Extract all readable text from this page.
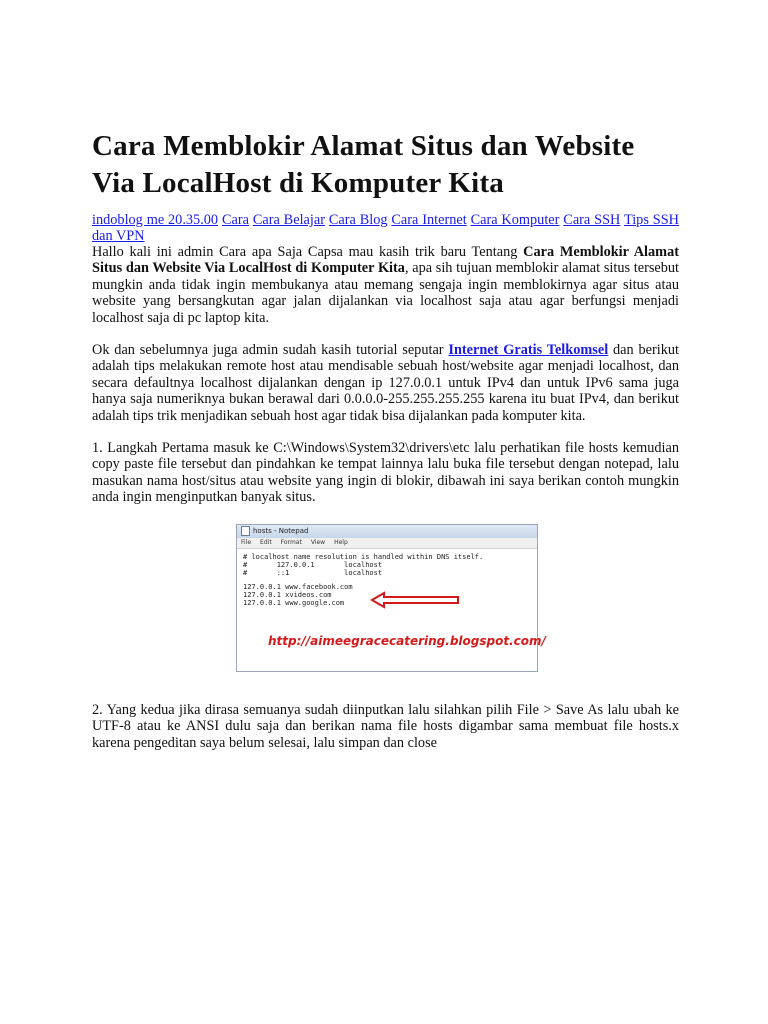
Cara Memblokir Alamat Situs dan Website
Via LocalHost di Komputer Kita
indoblog me 20.35.00 Cara Cara Belajar Cara Blog Cara Internet Cara Komputer Cara SSH Tips SSH dan VPN

Hallo kali ini admin Cara apa Saja Capsa mau kasih trik baru Tentang Cara Memblokir Alamat Situs dan Website Via LocalHost di Komputer Kita, apa sih tujuan memblokir alamat situs tersebut mungkin anda tidak ingin membukanya atau memang sengaja ingin memblokirnya agar situs atau website yang bersangkutan agar jalan dijalankan via localhost saja atau agar berfungsi menjadi localhost saja di pc laptop kita.

Ok dan sebelumnya juga admin sudah kasih tutorial seputar Internet Gratis Telkomsel dan berikut adalah tips melakukan remote host atau mendisable sebuah host/website agar menjadi localhost, dan secara defaultnya localhost dijalankan dengan ip 127.0.0.1 untuk IPv4 dan untuk IPv6 sama juga hanya saja numeriknya bukan berawal dari 0.0.0.0-255.255.255.255 karena itu buat IPv4, dan berikut adalah tips trik menjadikan sebuah host agar tidak bisa dijalankan pada komputer kita.

1. Langkah Pertama masuk ke C:\Windows\System32\drivers\etc lalu perhatikan file hosts kemudian copy paste file tersebut dan pindahkan ke tempat lainnya lalu buka file tersebut dengan notepad, lalu masukan nama host/situs atau website yang ingin di blokir, dibawah ini saya berikan contoh mungkin anda ingin menginputkan banyak situs.

hosts - Notepad
File Edit Format View Help
# localhost name resolution is handled within DNS itself.
#       127.0.0.1       localhost
#       ::1             localhost
127.0.0.1 www.facebook.com
127.0.0.1 xvideos.com
127.0.0.1 www.google.com
http://aimeegracecatering.blogspot.com/

2. Yang kedua jika dirasa semuanya sudah diinputkan lalu silahkan pilih File > Save As lalu ubah ke UTF-8 atau ke ANSI dulu saja dan berikan nama file hosts digambar sama membuat file hosts.x karena pengeditan saya belum selesai, lalu simpan dan close
